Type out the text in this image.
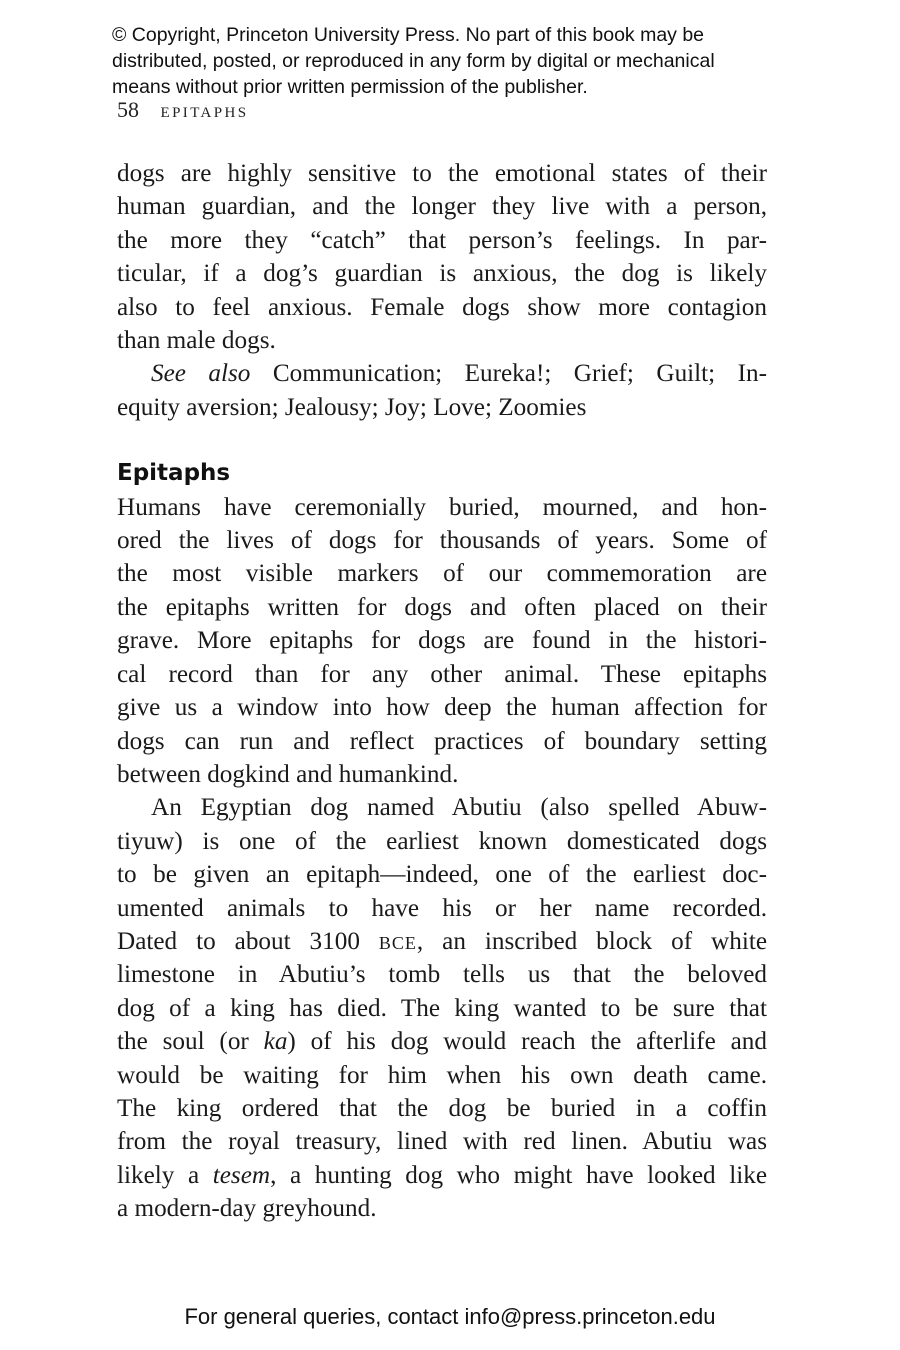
© Copyright, Princeton University Press. No part of this book may be
distributed, posted, or reproduced in any form by digital or mechanical
means without prior written permission of the publisher.
58 epitaphs

dogs are highly sensitive to the emotional states of their
human guardian, and the longer they live with a person,
the more they “catch” that person’s feelings. In par-
ticular, if a dog’s guardian is anxious, the dog is likely
also to feel anxious. Female dogs show more contagion
than male dogs.

See also Communication; Eureka!; Grief; Guilt; In-
equity aversion; Jealousy; Joy; Love; Zoomies

Epitaphs

Humans have ceremonially buried, mourned, and hon-
ored the lives of dogs for thousands of years. Some of
the most visible markers of our commemoration are
the epitaphs written for dogs and often placed on their
grave. More epitaphs for dogs are found in the histori-
cal record than for any other animal. These epitaphs
give us a window into how deep the human affection for
dogs can run and reflect practices of boundary setting
between dogkind and humankind.

An Egyptian dog named Abutiu (also spelled Abuw-
tiyuw) is one of the earliest known domesticated dogs
to be given an epitaph—indeed, one of the earliest doc-
umented animals to have his or her name recorded.
Dated to about 3100 bce, an inscribed block of white
limestone in Abutiu’s tomb tells us that the beloved
dog of a king has died. The king wanted to be sure that
the soul (or ka) of his dog would reach the afterlife and
would be waiting for him when his own death came.
The king ordered that the dog be buried in a coffin
from the royal treasury, lined with red linen. Abutiu was
likely a tesem, a hunting dog who might have looked like
a modern-day greyhound.

For general queries, contact info@press.princeton.edu
